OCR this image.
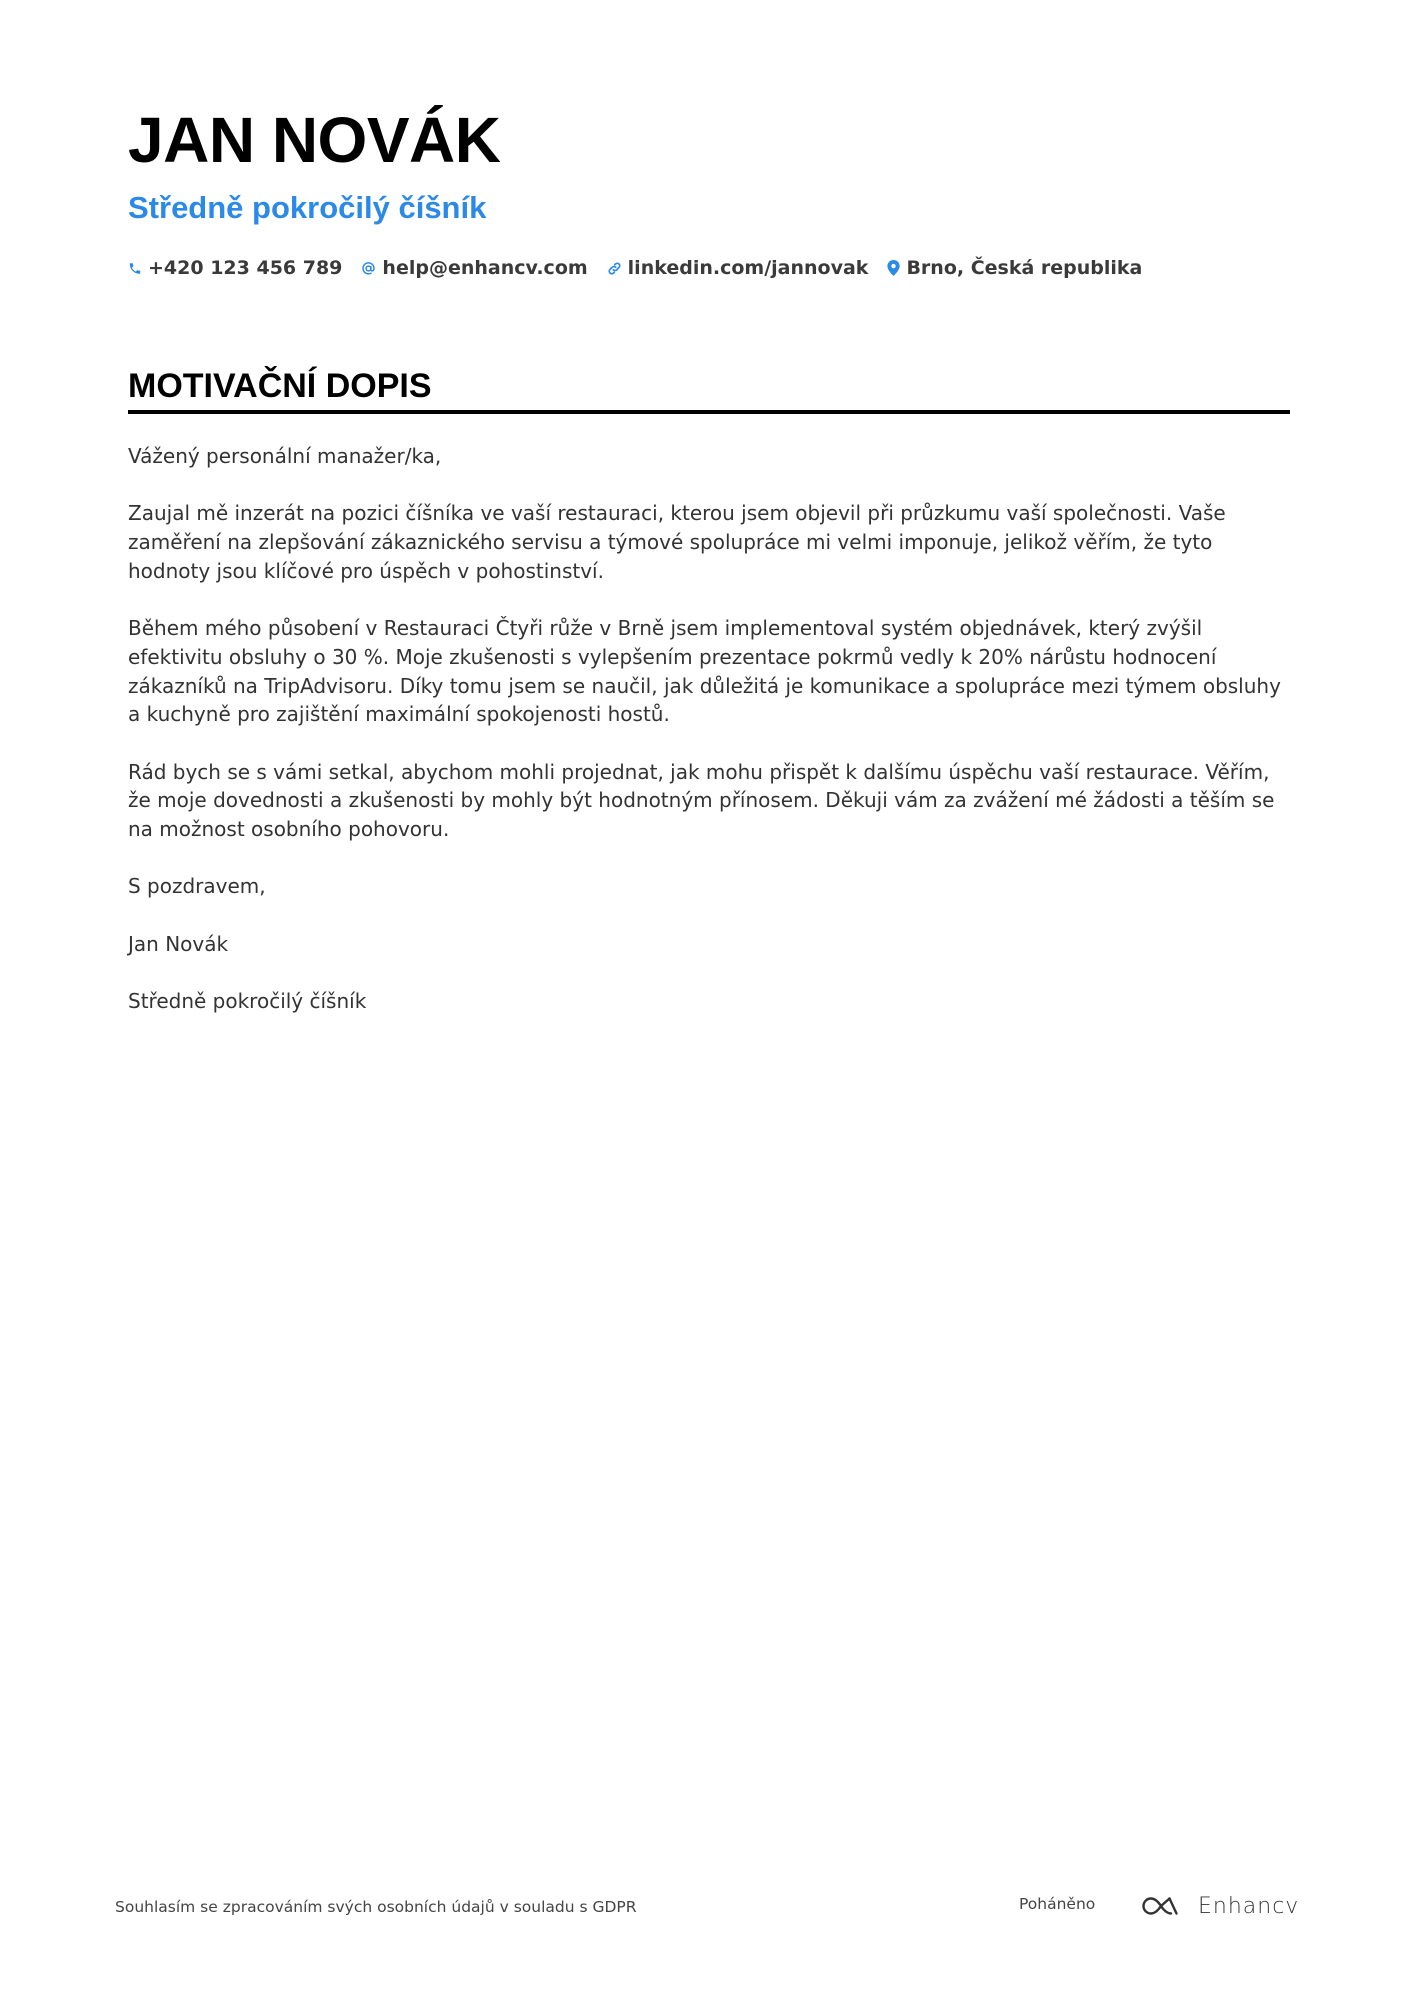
JAN NOVÁK
Středně pokročilý číšník
+420 123 456 789 help@enhancv.com linkedin.com/jannovak Brno, Česká republika
MOTIVAČNÍ DOPIS

Vážený personální manažer/ka,

Zaujal mě inzerát na pozici číšníka ve vaší restauraci, kterou jsem objevil při průzkumu vaší společnosti. Vaše zaměření na zlepšování zákaznického servisu a týmové spolupráce mi velmi imponuje, jelikož věřím, že tyto hodnoty jsou klíčové pro úspěch v pohostinství.

Během mého působení v Restauraci Čtyři růže v Brně jsem implementoval systém objednávek, který zvýšil efektivitu obsluhy o 30 %. Moje zkušenosti s vylepšením prezentace pokrmů vedly k 20% nárůstu hodnocení zákazníků na TripAdvisoru. Díky tomu jsem se naučil, jak důležitá je komunikace a spolupráce mezi týmem obsluhy a kuchyně pro zajištění maximální spokojenosti hostů.

Rád bych se s vámi setkal, abychom mohli projednat, jak mohu přispět k dalšímu úspěchu vaší restaurace. Věřím, že moje dovednosti a zkušenosti by mohly být hodnotným přínosem. Děkuji vám za zvážení mé žádosti a těším se na možnost osobního pohovoru.

S pozdravem,

Jan Novák

Středně pokročilý číšník

Souhlasím se zpracováním svých osobních údajů v souladu s GDPR	Poháněno	Enhancv
